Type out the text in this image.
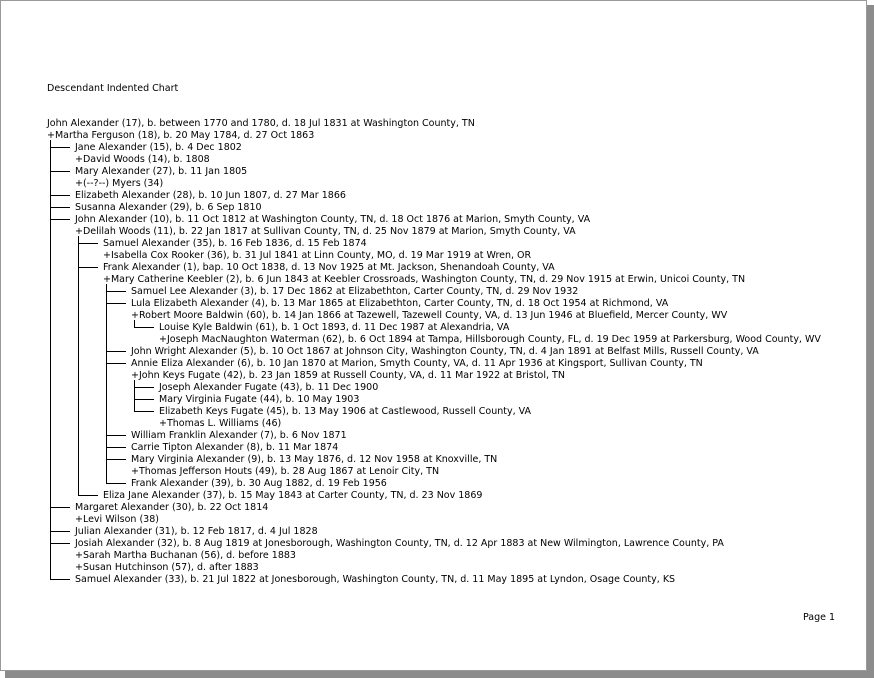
Descendant Indented Chart
John Alexander (17), b. between 1770 and 1780, d. 18 Jul 1831 at Washington County, TN
+Martha Ferguson (18), b. 20 May 1784, d. 27 Oct 1863
Jane Alexander (15), b. 4 Dec 1802
+David Woods (14), b. 1808
Mary Alexander (27), b. 11 Jan 1805
+(--?--) Myers (34)
Elizabeth Alexander (28), b. 10 Jun 1807, d. 27 Mar 1866
Susanna Alexander (29), b. 6 Sep 1810
John Alexander (10), b. 11 Oct 1812 at Washington County, TN, d. 18 Oct 1876 at Marion, Smyth County, VA
+Delilah Woods (11), b. 22 Jan 1817 at Sullivan County, TN, d. 25 Nov 1879 at Marion, Smyth County, VA
Samuel Alexander (35), b. 16 Feb 1836, d. 15 Feb 1874
+Isabella Cox Rooker (36), b. 31 Jul 1841 at Linn County, MO, d. 19 Mar 1919 at Wren, OR
Frank Alexander (1), bap. 10 Oct 1838, d. 13 Nov 1925 at Mt. Jackson, Shenandoah County, VA
+Mary Catherine Keebler (2), b. 6 Jun 1843 at Keebler Crossroads, Washington County, TN, d. 29 Nov 1915 at Erwin, Unicoi County, TN
Samuel Lee Alexander (3), b. 17 Dec 1862 at Elizabethton, Carter County, TN, d. 29 Nov 1932
Lula Elizabeth Alexander (4), b. 13 Mar 1865 at Elizabethton, Carter County, TN, d. 18 Oct 1954 at Richmond, VA
+Robert Moore Baldwin (60), b. 14 Jan 1866 at Tazewell, Tazewell County, VA, d. 13 Jun 1946 at Bluefield, Mercer County, WV
Louise Kyle Baldwin (61), b. 1 Oct 1893, d. 11 Dec 1987 at Alexandria, VA
+Joseph MacNaughton Waterman (62), b. 6 Oct 1894 at Tampa, Hillsborough County, FL, d. 19 Dec 1959 at Parkersburg, Wood County, WV
John Wright Alexander (5), b. 10 Oct 1867 at Johnson City, Washington County, TN, d. 4 Jan 1891 at Belfast Mills, Russell County, VA
Annie Eliza Alexander (6), b. 10 Jan 1870 at Marion, Smyth County, VA, d. 11 Apr 1936 at Kingsport, Sullivan County, TN
+John Keys Fugate (42), b. 23 Jan 1859 at Russell County, VA, d. 11 Mar 1922 at Bristol, TN
Joseph Alexander Fugate (43), b. 11 Dec 1900
Mary Virginia Fugate (44), b. 10 May 1903
Elizabeth Keys Fugate (45), b. 13 May 1906 at Castlewood, Russell County, VA
+Thomas L. Williams (46)
William Franklin Alexander (7), b. 6 Nov 1871
Carrie Tipton Alexander (8), b. 11 Mar 1874
Mary Virginia Alexander (9), b. 13 May 1876, d. 12 Nov 1958 at Knoxville, TN
+Thomas Jefferson Houts (49), b. 28 Aug 1867 at Lenoir City, TN
Frank Alexander (39), b. 30 Aug 1882, d. 19 Feb 1956
Eliza Jane Alexander (37), b. 15 May 1843 at Carter County, TN, d. 23 Nov 1869
Margaret Alexander (30), b. 22 Oct 1814
+Levi Wilson (38)
Julian Alexander (31), b. 12 Feb 1817, d. 4 Jul 1828
Josiah Alexander (32), b. 8 Aug 1819 at Jonesborough, Washington County, TN, d. 12 Apr 1883 at New Wilmington, Lawrence County, PA
+Sarah Martha Buchanan (56), d. before 1883
+Susan Hutchinson (57), d. after 1883
Samuel Alexander (33), b. 21 Jul 1822 at Jonesborough, Washington County, TN, d. 11 May 1895 at Lyndon, Osage County, KS
Page 1
